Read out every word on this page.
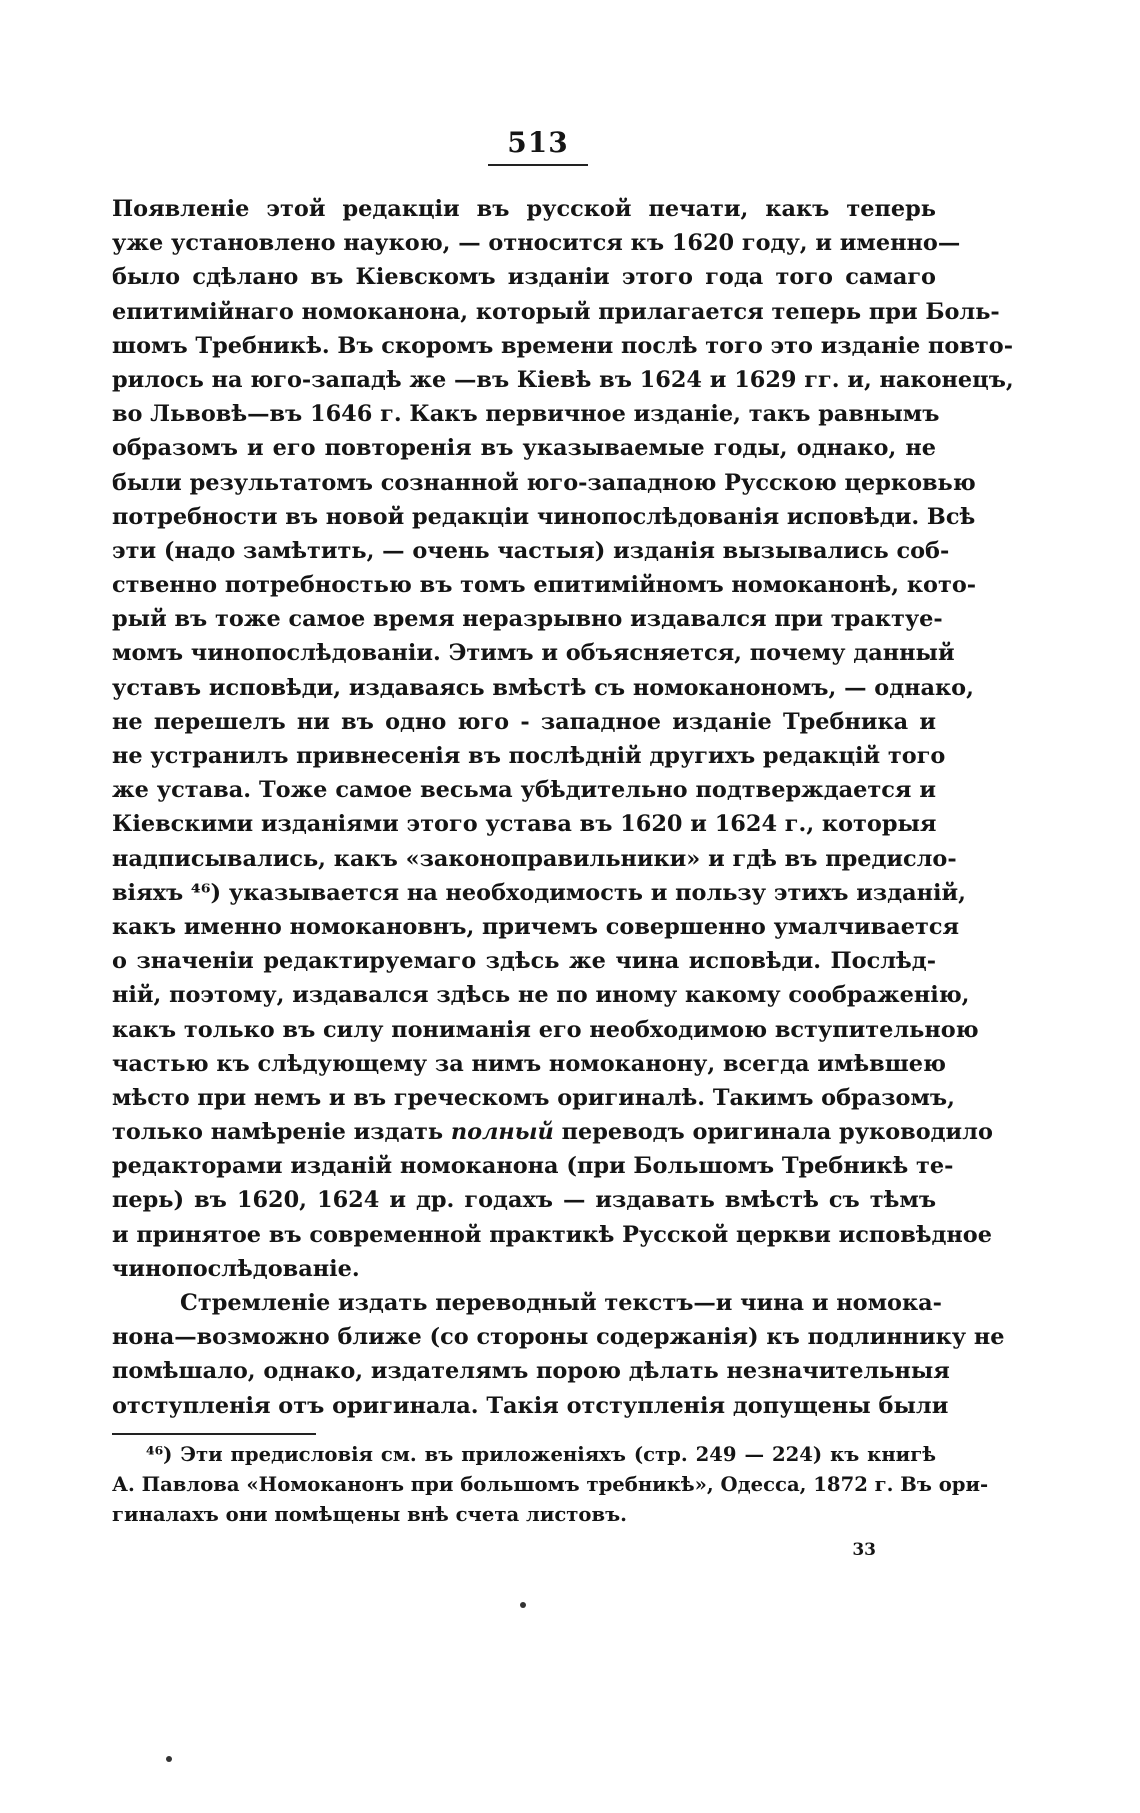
513
Появленіе этой редакціи въ русской печати, какъ теперь
уже установлено наукою, — относится къ 1620 году, и именно—
было сдѣлано въ Кіевскомъ изданіи этого года того самаго
епитимійнаго номоканона, который прилагается теперь при Боль-
шомъ Требникѣ. Въ скоромъ времени послѣ того это изданіе повто-
рилось на юго-западѣ же —въ Кіевѣ въ 1624 и 1629 гг. и, наконецъ,
во Львовѣ—въ 1646 г. Какъ первичное изданіе, такъ равнымъ
образомъ и его повторенія въ указываемые годы, однако, не
были результатомъ сознанной юго-западною Русскою церковью
потребности въ новой редакціи чинопослѣдованія исповѣди. Всѣ
эти (надо замѣтить, — очень частыя) изданія вызывались соб-
ственно потребностью въ томъ епитимійномъ номоканонѣ, кото-
рый въ тоже самое время неразрывно издавался при трактуе-
момъ чинопослѣдованіи. Этимъ и объясняется, почему данный
уставъ исповѣди, издаваясь вмѣстѣ съ номоканономъ, — однако,
не перешелъ ни въ одно юго - западное изданіе Требника и
не устранилъ привнесенія въ послѣдній другихъ редакцій того
же устава. Тоже самое весьма убѣдительно подтверждается и
Кіевскими изданіями этого устава въ 1620 и 1624 г., которыя
надписывались, какъ «законоправильники» и гдѣ въ предисло-
віяхъ ⁴⁶) указывается на необходимость и пользу этихъ изданій,
какъ именно номокановнъ, причемъ совершенно умалчивается
о значеніи редактируемаго здѣсь же чина исповѣди. Послѣд-
ній, поэтому, издавался здѣсь не по иному какому соображенію,
какъ только въ силу пониманія его необходимою вступительною
частью къ слѣдующему за нимъ номоканону, всегда имѣвшею
мѣсто при немъ и въ греческомъ оригиналѣ. Такимъ образомъ,
только намѣреніе издать полный переводъ оригинала руководило
редакторами изданій номоканона (при Большомъ Требникѣ те-
перь) въ 1620, 1624 и др. годахъ — издавать вмѣстѣ съ тѣмъ
и принятое въ современной практикѣ Русской церкви исповѣдное
чинопослѣдованіе.
Стремленіе издать переводный текстъ—и чина и номока-
нона—возможно ближе (со стороны содержанія) къ подлиннику не
помѣшало, однако, издателямъ порою дѣлать незначительныя
отступленія отъ оригинала. Такія отступленія допущены были
⁴⁶) Эти предисловія см. въ приложеніяхъ (стр. 249 — 224) къ книгѣ
А. Павлова «Номоканонъ при большомъ требникѣ», Одесса, 1872 г. Въ ори-
гиналахъ они помѣщены внѣ счета листовъ.
33
